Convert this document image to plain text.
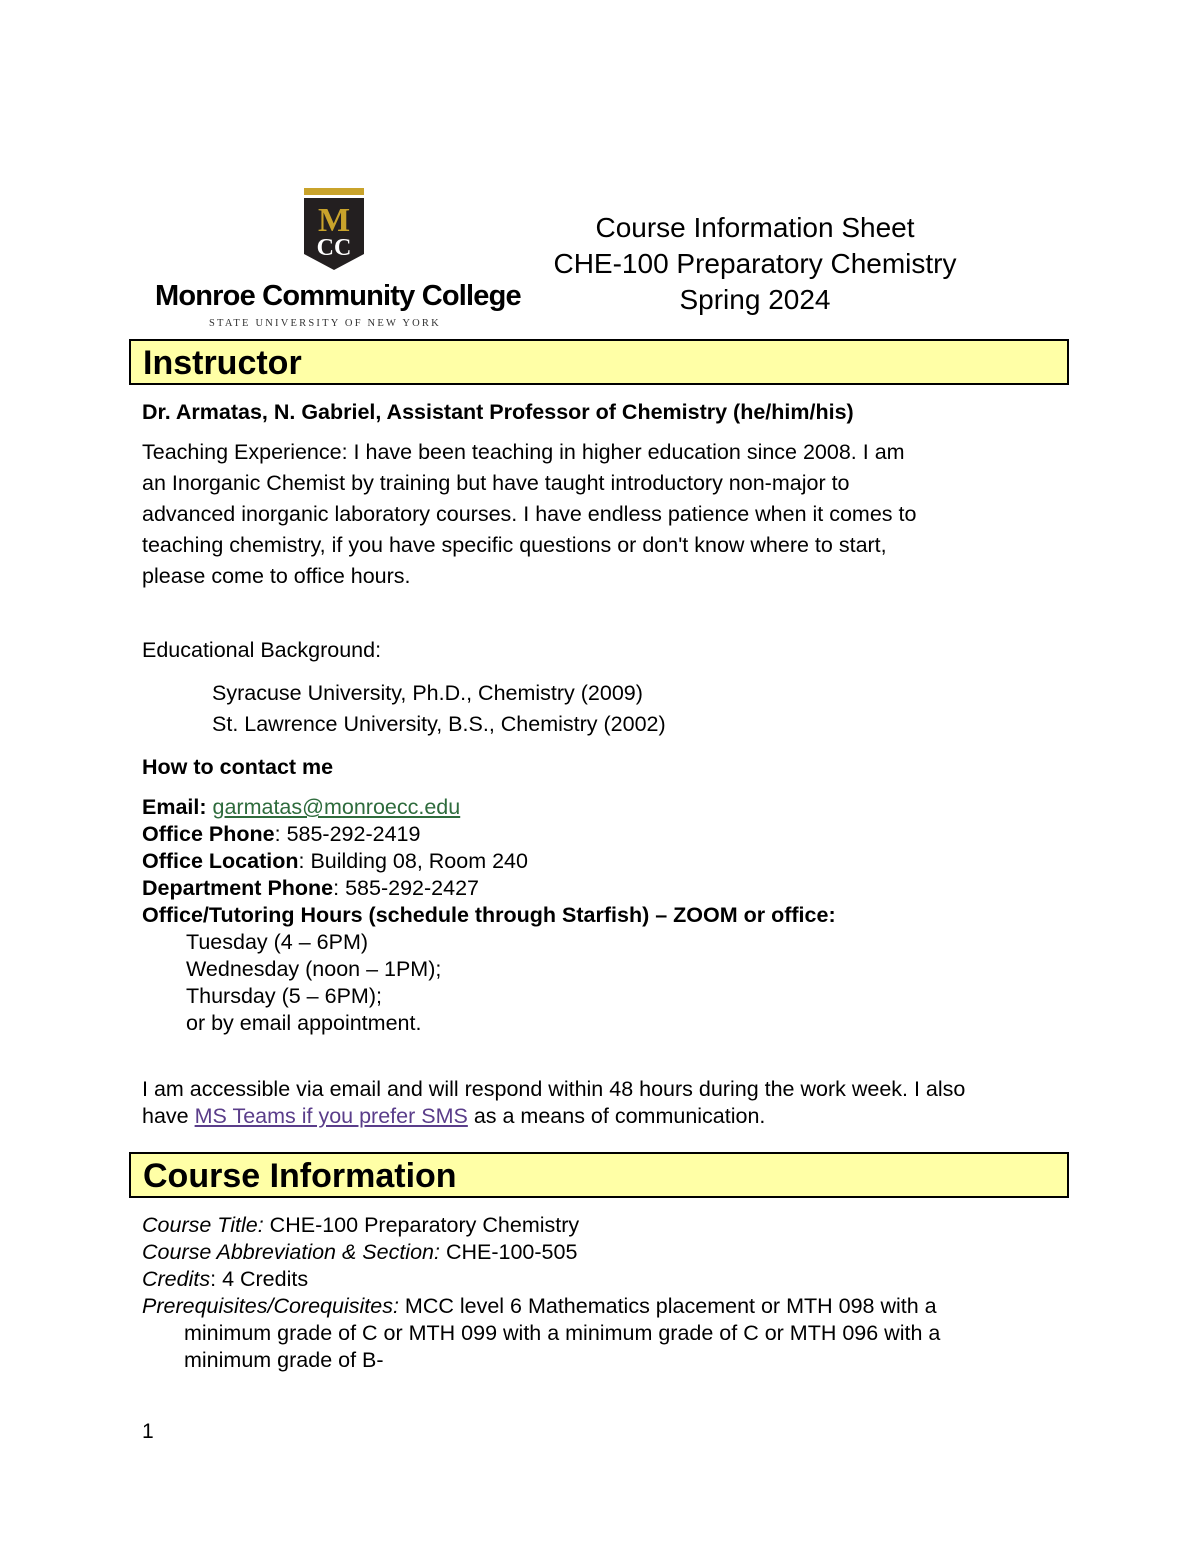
M
CC
Monroe Community College
STATE UNIVERSITY OF NEW YORK
Course Information Sheet
CHE-100 Preparatory Chemistry
Spring 2024
Instructor
Dr. Armatas, N. Gabriel, Assistant Professor of Chemistry (he/him/his)
Teaching Experience: I have been teaching in higher education since 2008. I am
an Inorganic Chemist by training but have taught introductory non-major to
advanced inorganic laboratory courses. I have endless patience when it comes to
teaching chemistry, if you have specific questions or don't know where to start,
please come to office hours.
Educational Background:
Syracuse University, Ph.D., Chemistry (2009)
St. Lawrence University, B.S., Chemistry (2002)
How to contact me
Email: garmatas@monroecc.edu
Office Phone: 585-292-2419
Office Location: Building 08, Room 240
Department Phone: 585-292-2427
Office/Tutoring Hours (schedule through Starfish) – ZOOM or office:
Tuesday (4 – 6PM)
Wednesday (noon – 1PM);
Thursday (5 – 6PM);
or by email appointment.
I am accessible via email and will respond within 48 hours during the work week. I also
have MS Teams if you prefer SMS as a means of communication.
Course Information
Course Title: CHE-100 Preparatory Chemistry
Course Abbreviation & Section: CHE-100-505
Credits: 4 Credits
Prerequisites/Corequisites: MCC level 6 Mathematics placement or MTH 098 with a
minimum grade of C or MTH 099 with a minimum grade of C or MTH 096 with a
minimum grade of B-
1
